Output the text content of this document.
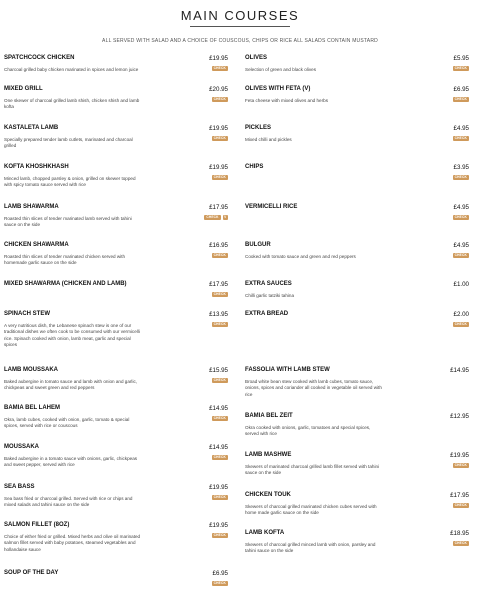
MAIN COURSES
ALL SERVED WITH SALAD AND A CHOICE OF COUSCOUS, CHIPS OR RICE ALL SALADS CONTAIN MUSTARD
SPATCHCOCK CHICKEN	£19.95
Charcoal grilled baby chicken marinated in spices and lemon juice	CHECK
MIXED GRILL	£20.95
One skewer of charcoal grilled lamb shish, chicken shish and lamb kofta
CHECK
KASTALETA LAMB	£19.95
Specially prepared tender lamb cutlets, marinated and charcoal grilled
CHECK
KOFTA KHOSHKHASH	£19.95
Minced lamb, chopped parsley & onion, grilled on skewer topped with spicy tomato sauce served with rice
CHECK
LAMB SHAWARMA	£17.95
Roasted thin slices of tender marinated lamb served with tahini sauce on the side
CHECK	V
CHICKEN SHAWARMA	£16.95
Roasted thin slices of tender marinated chicken served with homemade garlic sauce on the side
CHECK
MIXED SHAWARMA (CHICKEN AND LAMB)	£17.95
CHECK
SPINACH STEW	£13.95
A very nutritious dish, the Lebanese spinach stew is one of our traditional dishes we often cook to be consumed with our vermicelli rice. Spinach cooked with onion, lamb meat, garlic and special spices
CHECK
LAMB MOUSSAKA	£15.95
Baked aubergine in tomato sauce and lamb with onion and garlic, chickpeas and sweet green and red peppers
CHECK
BAMIA BEL LAHEM	£14.95
Okra, lamb cubes, cooked with onion, garlic, tomato & special spices, served with rice or couscous
CHECK
MOUSSAKA	£14.95
Baked aubergine in a tomato sauce with onions, garlic, chickpeas and sweet pepper, served with rice
CHECK
SEA BASS	£19.95
Sea bass fried or charcoal grilled. Served with rice or chips and mixed salads and tahini sauce on the side
CHECK
SALMON FILLET (8OZ)	£19.95
Choice of either fried or grilled. Mixed herbs and olive oil marinated salmon fillet served with baby potatoes, steamed vegetables and hollandaise sauce
CHECK
SOUP OF THE DAY	£6.95
CHECK
OLIVES	£5.95
Selection of green and black olives	CHECK
OLIVES WITH FETA (V)	£6.95
Feta cheese with mixed olives and herbs	CHECK
PICKLES	£4.95
Mixed chilli and pickles	CHECK
CHIPS	£3.95
CHECK
VERMICELLI RICE	£4.95
CHECK
BULGUR	£4.95
Cooked with tomato sauce and green and red peppers	CHECK
EXTRA SAUCES	£1.00
Chilli garlic tatziki tahina
EXTRA BREAD	£2.00
CHECK
FASSOLIA WITH LAMB STEW	£14.95
Broad white bean stew cooked with lamb cubes, tomato sauce, onions, spices and coriander all cooked in vegetable oil served with rice
BAMIA BEL ZEIT	£12.95
Okra cooked with onions, garlic, tomatoes and special spices, served with rice
LAMB MASHWE	£19.95
Skewers of marinated charcoal grilled lamb fillet served with tahini sauce on the side
CHECK
CHICKEN TOUK	£17.95
Skewers of charcoal grilled marinated chicken cubes served with home made garlic sauce on the side
CHECK
LAMB KOFTA	£18.95
Skewers of charcoal grilled minced lamb with onion, parsley and tahini sauce on the side
CHECK
